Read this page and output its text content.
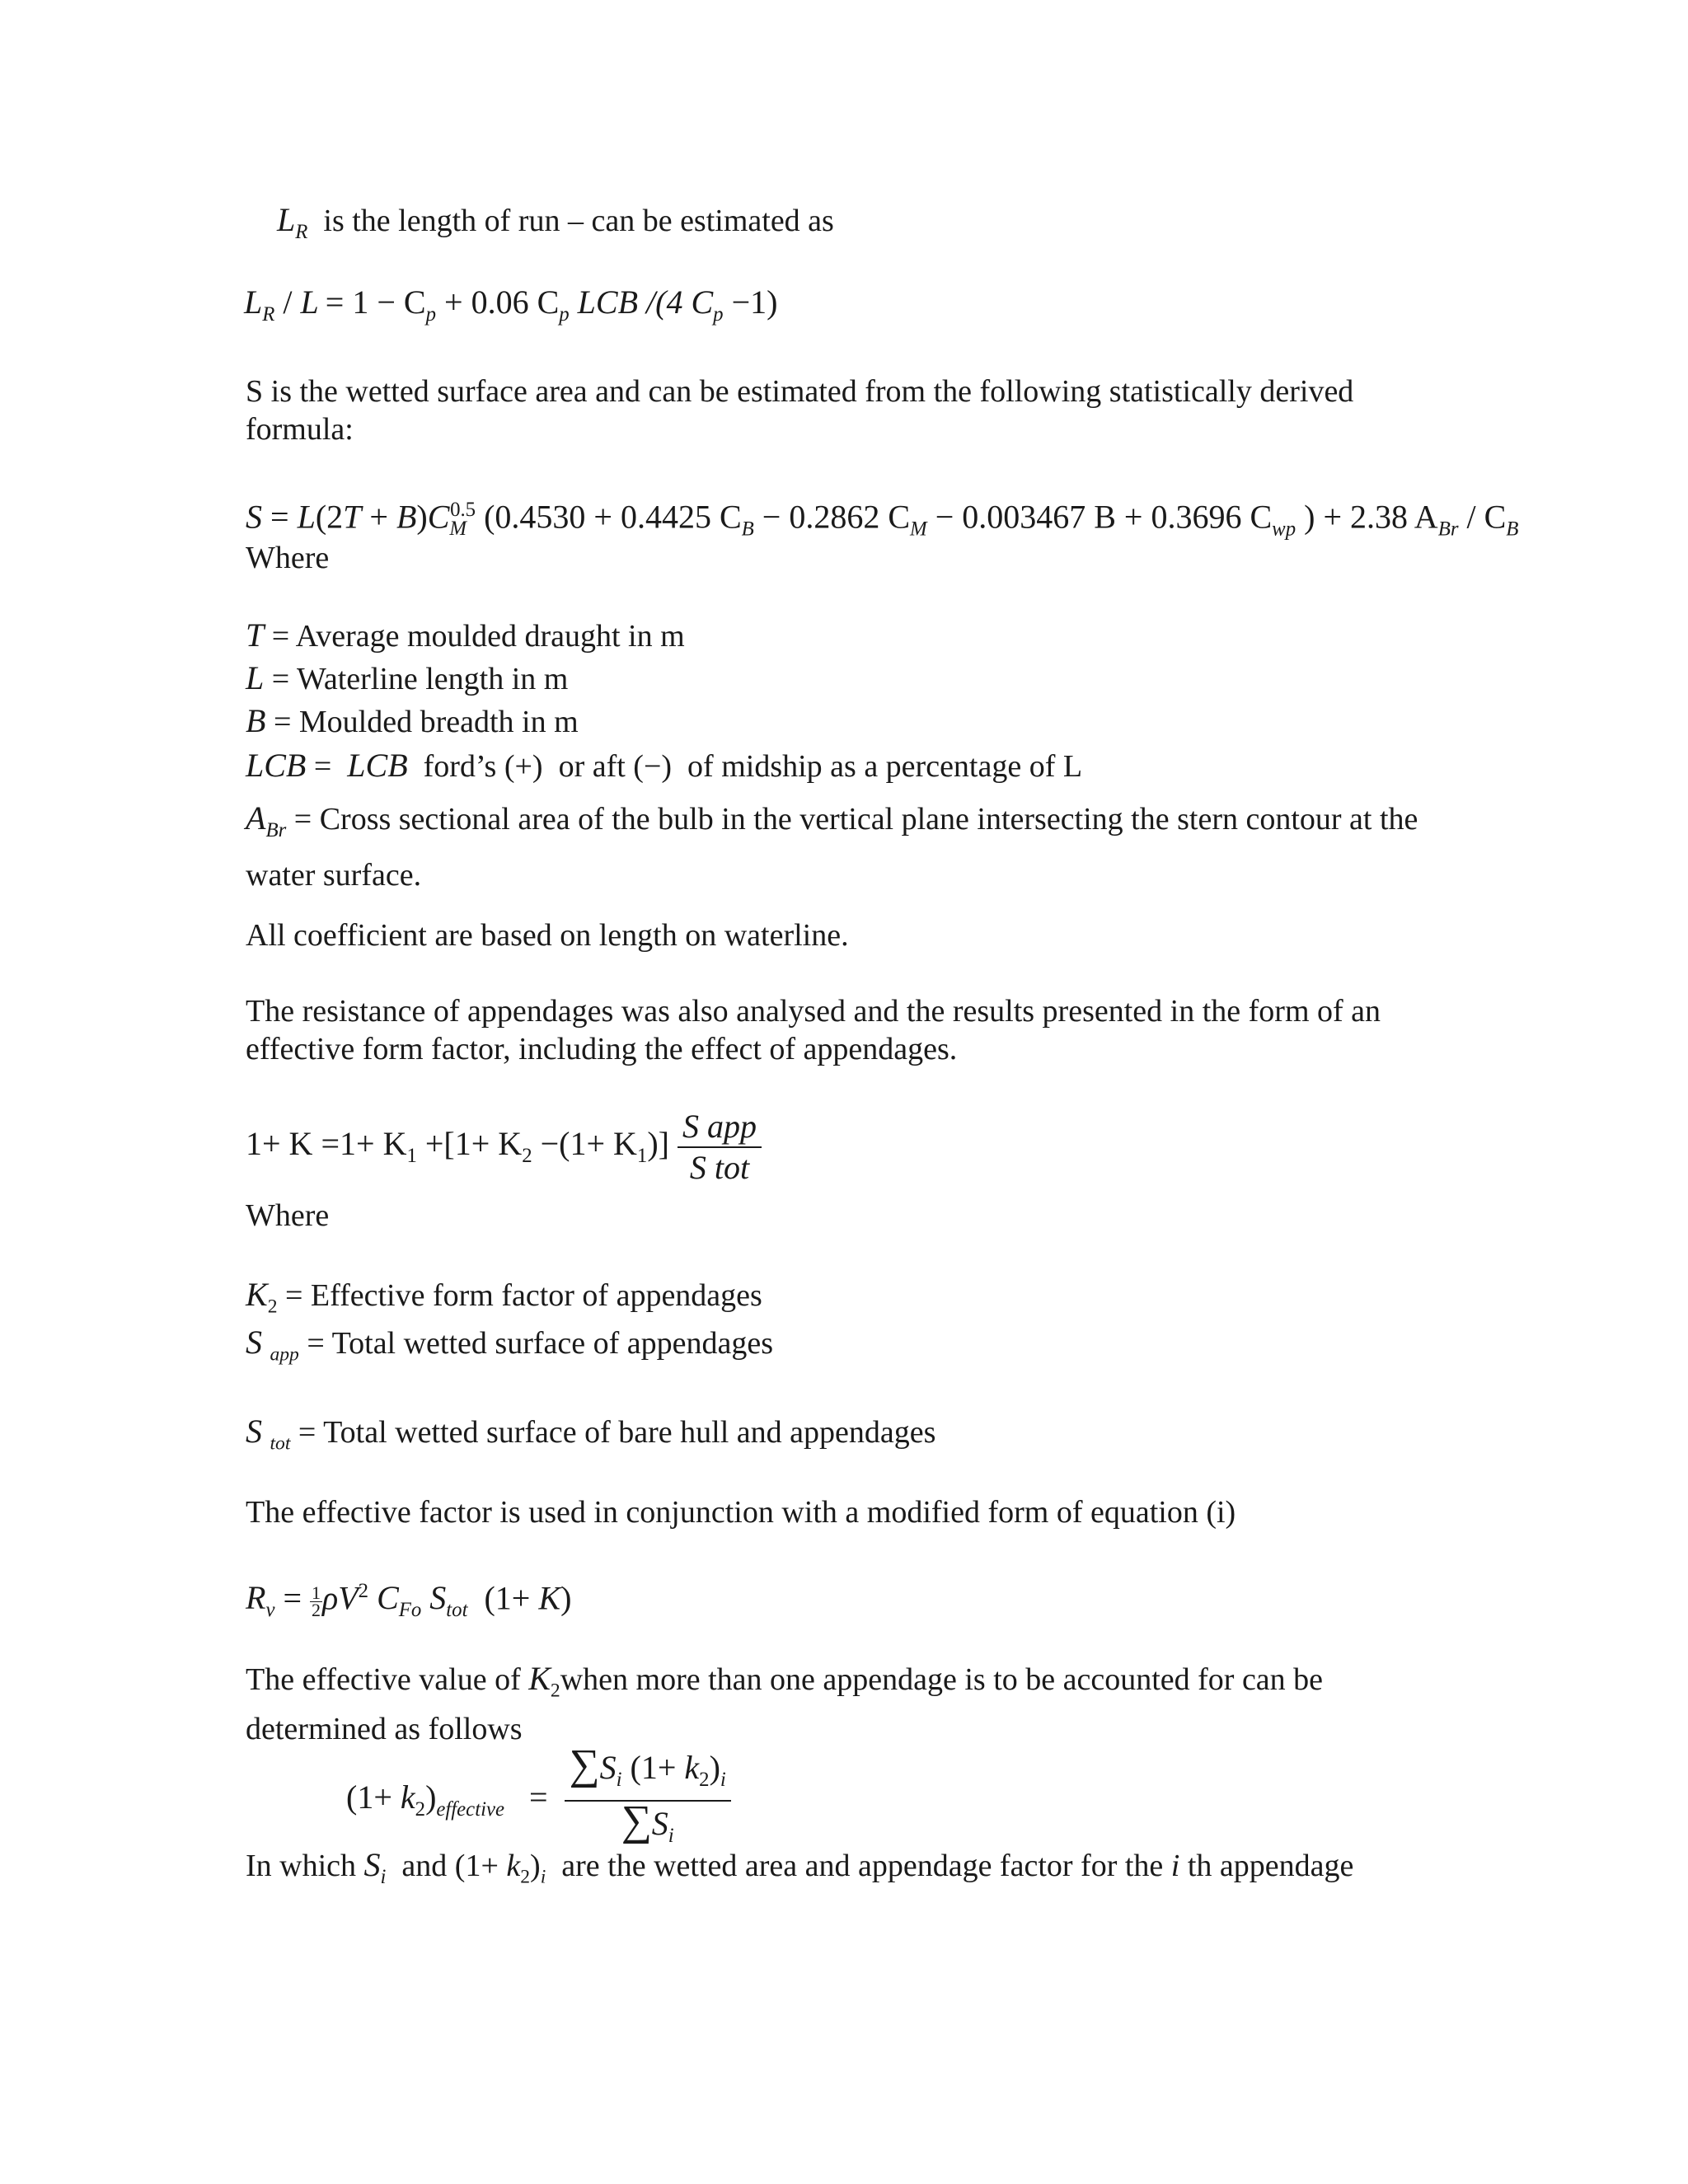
$L_R$ is the length of run – can be estimated as
$L_R / L = 1 - C_p + 0.06$ $C_p$ LCB /(4 $C_p -1$)
S is the wetted surface area and can be estimated from the following statistically derived formula:
$S = L(2T + B)C_M^{0.5}$ (0.4530 + 0.4425 $C_B - 0.2862$ $C_M - 0.003467$ B + 0.3696 $C_{wp}$ ) + 2.38 $A_{Br} / C_B$
Where
T = Average moulded draught in m
L = Waterline length in m
B = Moulded breadth in m
LCB =  LCB ford’s (+)  or aft (−)  of midship as a percentage of L
$A_{Br}$ = Cross sectional area of the bulb in the vertical plane intersecting the stern contour at the water surface.
All coefficient are based on length on waterline.
The resistance of appendages was also analysed and the results presented in the form of an effective form factor, including the effect of appendages.
$1+ K =1+ K_1 +[1+ K_2 -(1+ K_1)] \frac{\text{S app}}{\text{S tot}}$
Where
$K_2$ = Effective form factor of appendages
S $_{app}$ = Total wetted surface of appendages
S $_{tot}$ = Total wetted surface of bare hull and appendages
The effective factor is used in conjunction with a modified form of equation (i)
$R_v = \frac{1}{2} \rho V^2$ $C_{Fo}$ $S_{tot}$  (1+ K)
The effective value of $K_2when$ more than one appendage is to be accounted for can be determined as follows
$(1+ k_2)_{effective} = \frac{\sum S_i (1+ k_2)_i}{\sum S_i}$
In which $S_i$ and $(1+ k_2)_i$ are the wetted area and appendage factor for the i th appendage
